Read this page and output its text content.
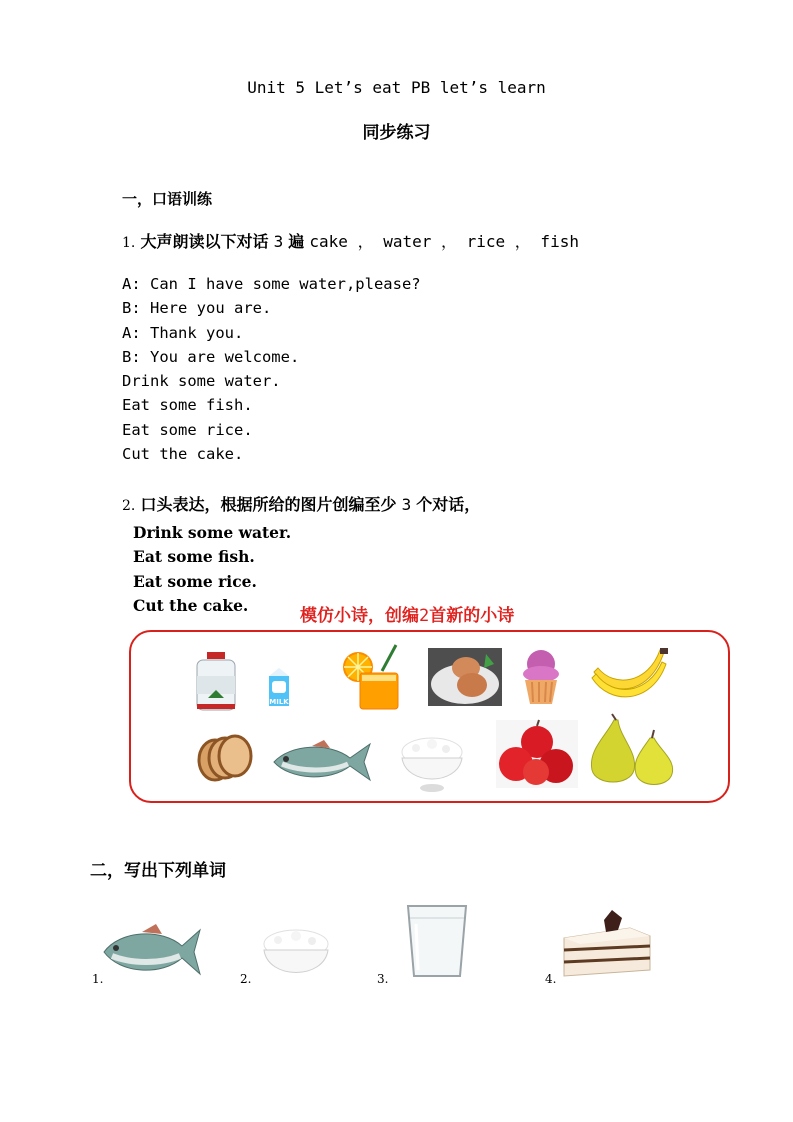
Unit 5 Let’s eat PB let’s learn
同步练习
一，口语训练
1. 大声朗读以下对话 3 遍 cake ， water ， rice ， fish
A: Can I have some water,please?
B: Here you are.
A: Thank you.
B: You are welcome.
Drink some water.
Eat some fish.
Eat some rice.
Cut the cake.
2. 口头表达，根据所给的图片创编至少 3 个对话，
Drink some water.
Eat some fish.
Eat some rice.
Cut the cake.
模仿小诗，创编2首新的小诗
MILK
二，写出下列单词
1.	2.	3.	4.
